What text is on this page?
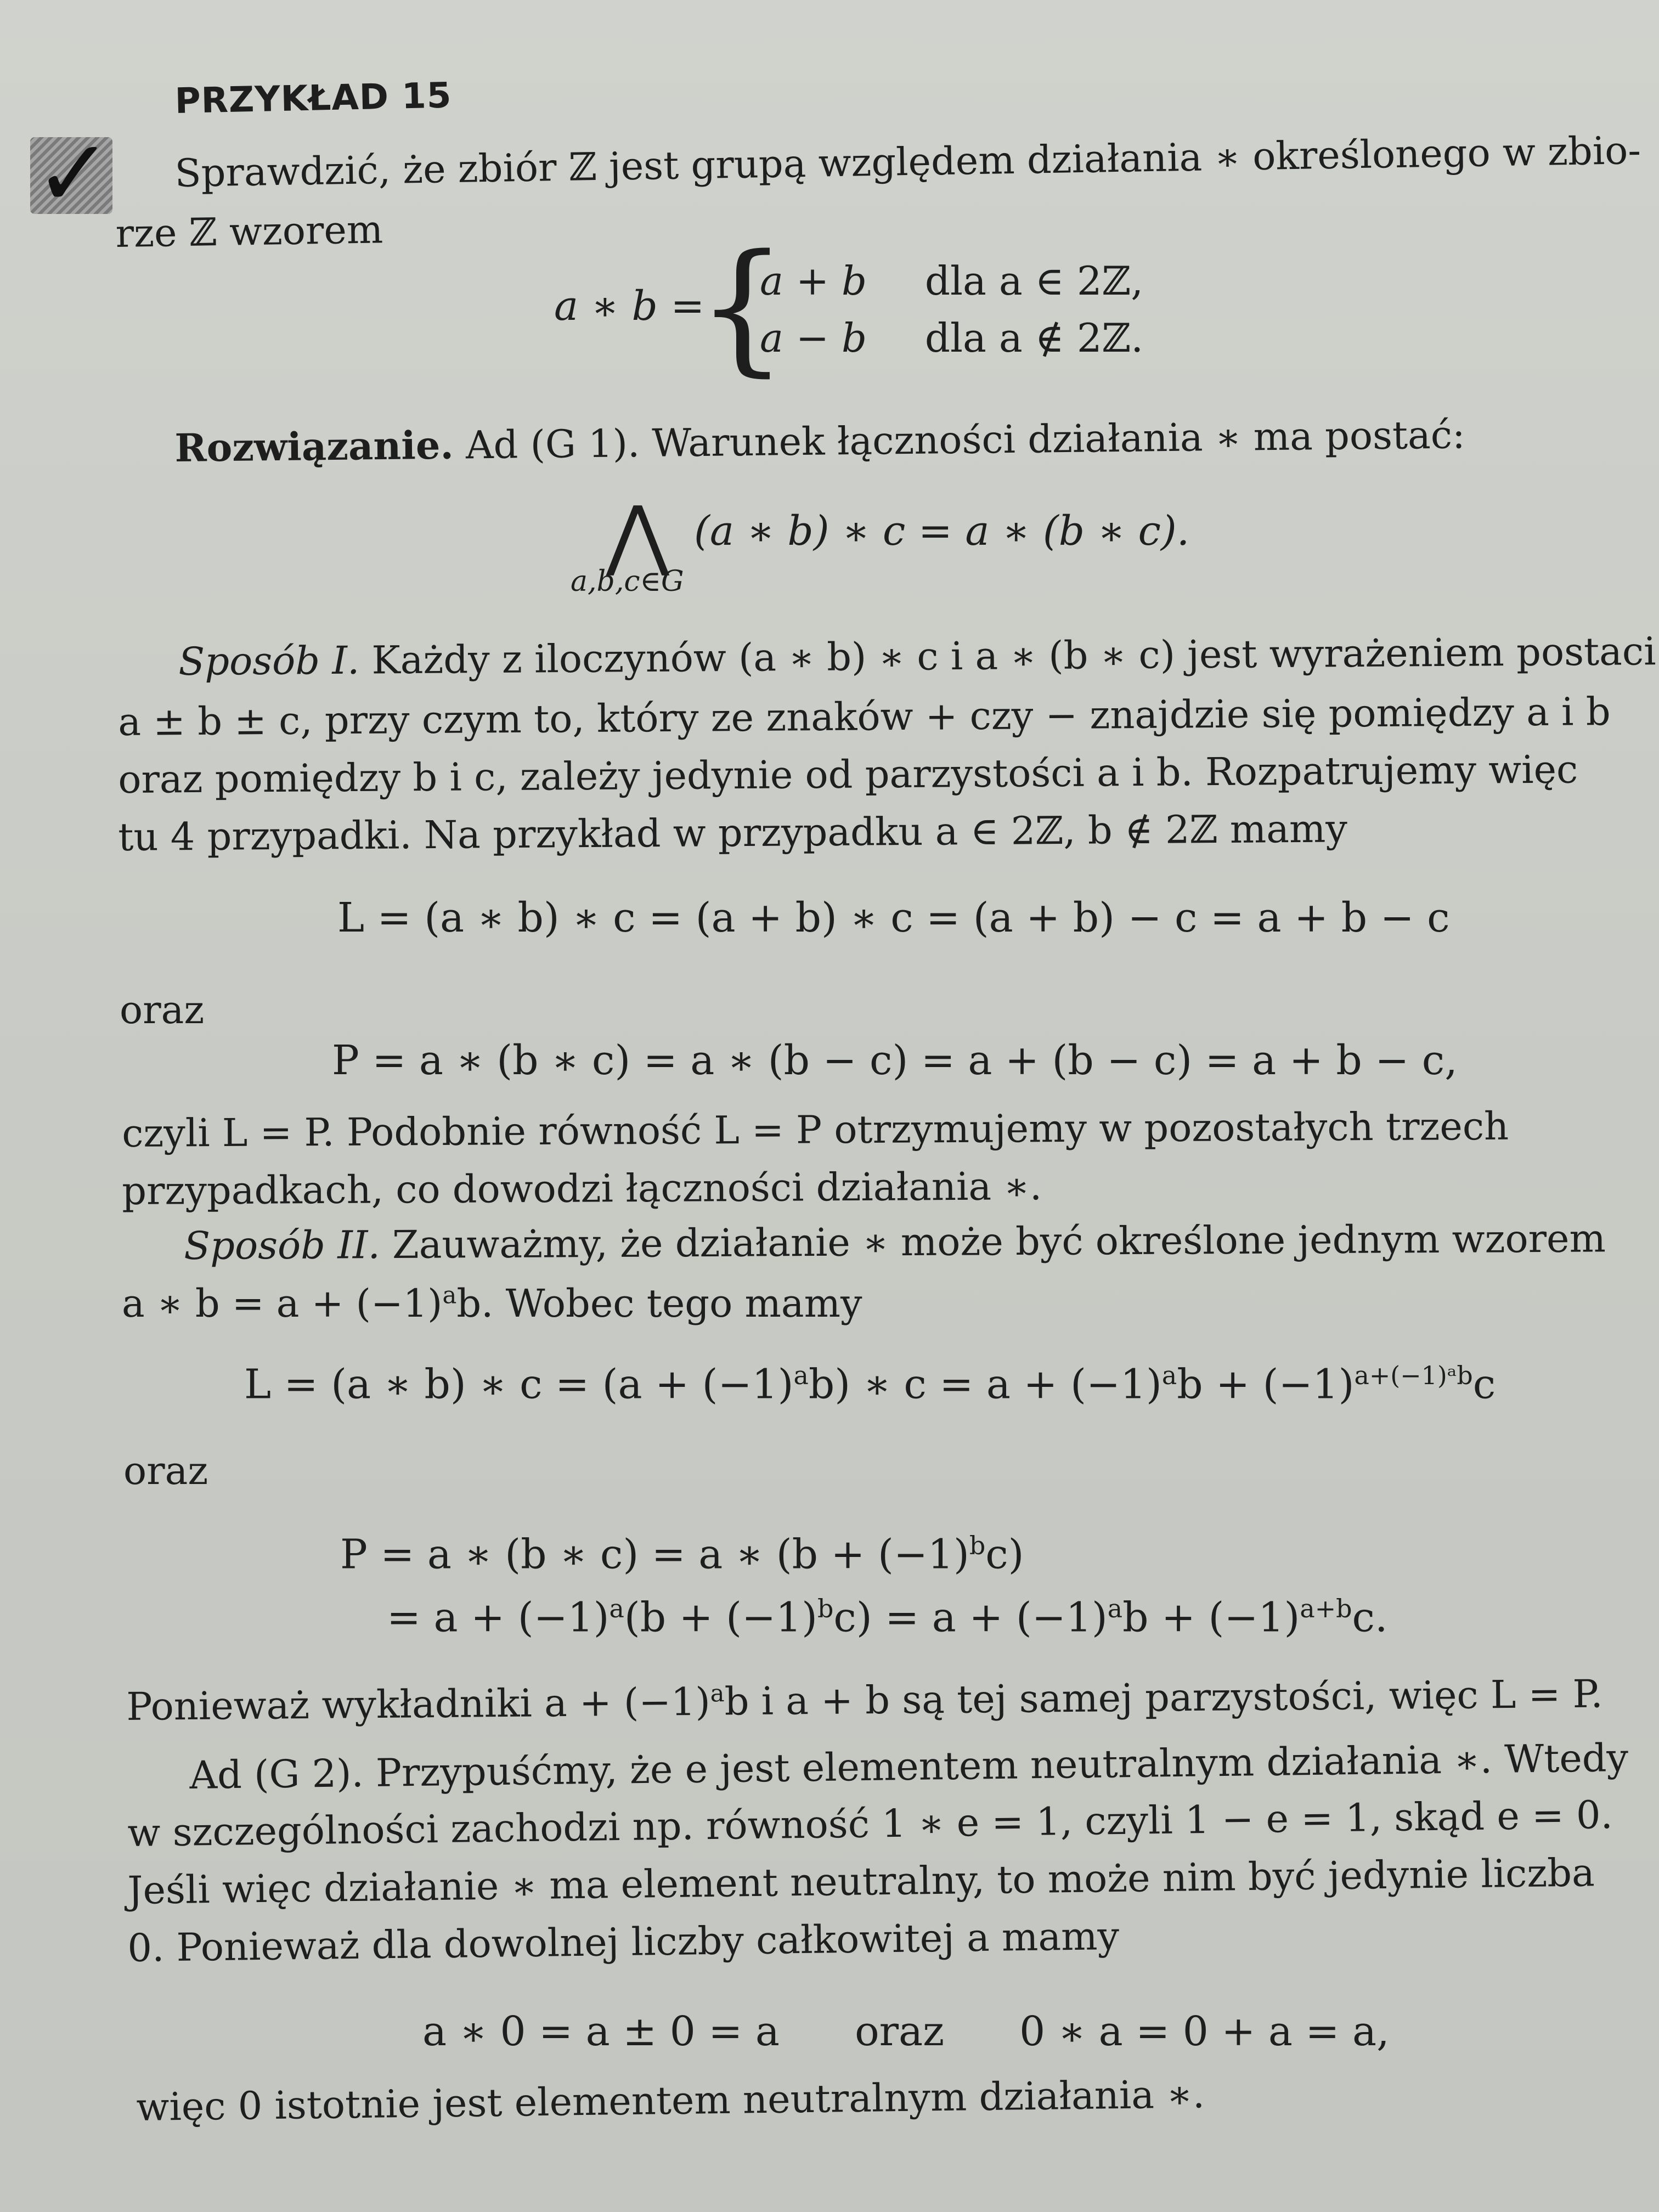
PRZYKŁAD 15
✓ Sprawdzić, że zbiór ℤ jest grupą względem działania ∗ określonego w zbio-
rze ℤ wzorem
a ∗ b =
{
a + b dla a ∈ 2ℤ,
a − b dla a ∉ 2ℤ.
Rozwiązanie. Ad (G 1). Warunek łączności działania ∗ ma postać:
⋀ (a ∗ b) ∗ c = a ∗ (b ∗ c).
a,b,c∈G
Sposób I. Każdy z iloczynów (a ∗ b) ∗ c i a ∗ (b ∗ c) jest wyrażeniem postaci
a ± b ± c, przy czym to, który ze znaków + czy − znajdzie się pomiędzy a i b
oraz pomiędzy b i c, zależy jedynie od parzystości a i b. Rozpatrujemy więc
tu 4 przypadki. Na przykład w przypadku a ∈ 2ℤ, b ∉ 2ℤ mamy
L = (a ∗ b) ∗ c = (a + b) ∗ c = (a + b) − c = a + b − c
oraz
P = a ∗ (b ∗ c) = a ∗ (b − c) = a + (b − c) = a + b − c,
czyli L = P. Podobnie równość L = P otrzymujemy w pozostałych trzech
przypadkach, co dowodzi łączności działania ∗.
Sposób II. Zauważmy, że działanie ∗ może być określone jednym wzorem
a ∗ $b = a + (-1)^ab$. Wobec tego mamy
L = (a ∗ b) ∗ $c = (a + (-1)^ab)$ ∗ $c = a + (-1)^ab + (-1)^{a+(-1)ᵃb}c$
oraz
P = a ∗ (b ∗ c) = a ∗ $(b + (-1)^bc)$
= $a + (-1)^a(b + (-1)^bc) = a + (-1)^ab + (-1)^{a+b}c$.
Ponieważ wykładniki $a + (-1)^ab$ i a + b są tej samej parzystości, więc L = P.
Ad (G 2). Przypuśćmy, że e jest elementem neutralnym działania ∗. Wtedy
w szczególności zachodzi np. równość 1 ∗ e = 1, czyli 1 − e = 1, skąd e = 0.
Jeśli więc działanie ∗ ma element neutralny, to może nim być jedynie liczba
0. Ponieważ dla dowolnej liczby całkowitej a mamy
a ∗ 0 = a ± 0 = a oraz 0 ∗ a = 0 + a = a,
więc 0 istotnie jest elementem neutralnym działania ∗.
